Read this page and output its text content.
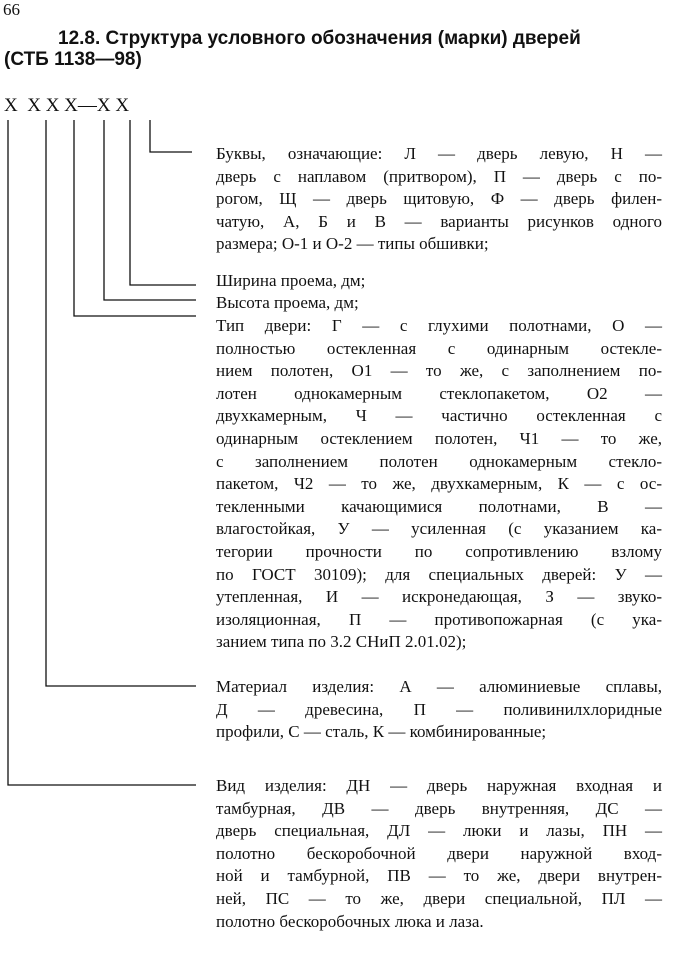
66
12.8. Структура условного обозначения (марки) дверей
(СТБ 1138—98)
X  X X X—X X
Буквы, означающие: Л — дверь левую, Н —
дверь с наплавом (притвором), П — дверь с по-
рогом, Щ — дверь щитовую, Ф — дверь филен-
чатую, А, Б и В — варианты рисунков одного
размера; О-1 и О-2 — типы обшивки;
Ширина проема, дм;
Высота проема, дм;
Тип двери: Г — с глухими полотнами, О —
полностью остекленная с одинарным остекле-
нием полотен, О1 — то же, с заполнением по-
лотен однокамерным стеклопакетом, О2 —
двухкамерным, Ч — частично остекленная с
одинарным остеклением полотен, Ч1 — то же,
с заполнением полотен однокамерным стекло-
пакетом, Ч2 — то же, двухкамерным, К — с ос-
текленными качающимися полотнами, В —
влагостойкая, У — усиленная (с указанием ка-
тегории прочности по сопротивлению взлому
по ГОСТ 30109); для специальных дверей: У —
утепленная, И — искронедающая, З — звуко-
изоляционная, П — противопожарная (с ука-
занием типа по 3.2 СНиП 2.01.02);
Материал изделия: А — алюминиевые сплавы,
Д — древесина, П — поливинилхлоридные
профили, С — сталь, К — комбинированные;
Вид изделия: ДН — дверь наружная входная и
тамбурная, ДВ — дверь внутренняя, ДС —
дверь специальная, ДЛ — люки и лазы, ПН —
полотно бескоробочной двери наружной вход-
ной и тамбурной, ПВ — то же, двери внутрен-
ней, ПС — то же, двери специальной, ПЛ —
полотно бескоробочных люка и лаза.
